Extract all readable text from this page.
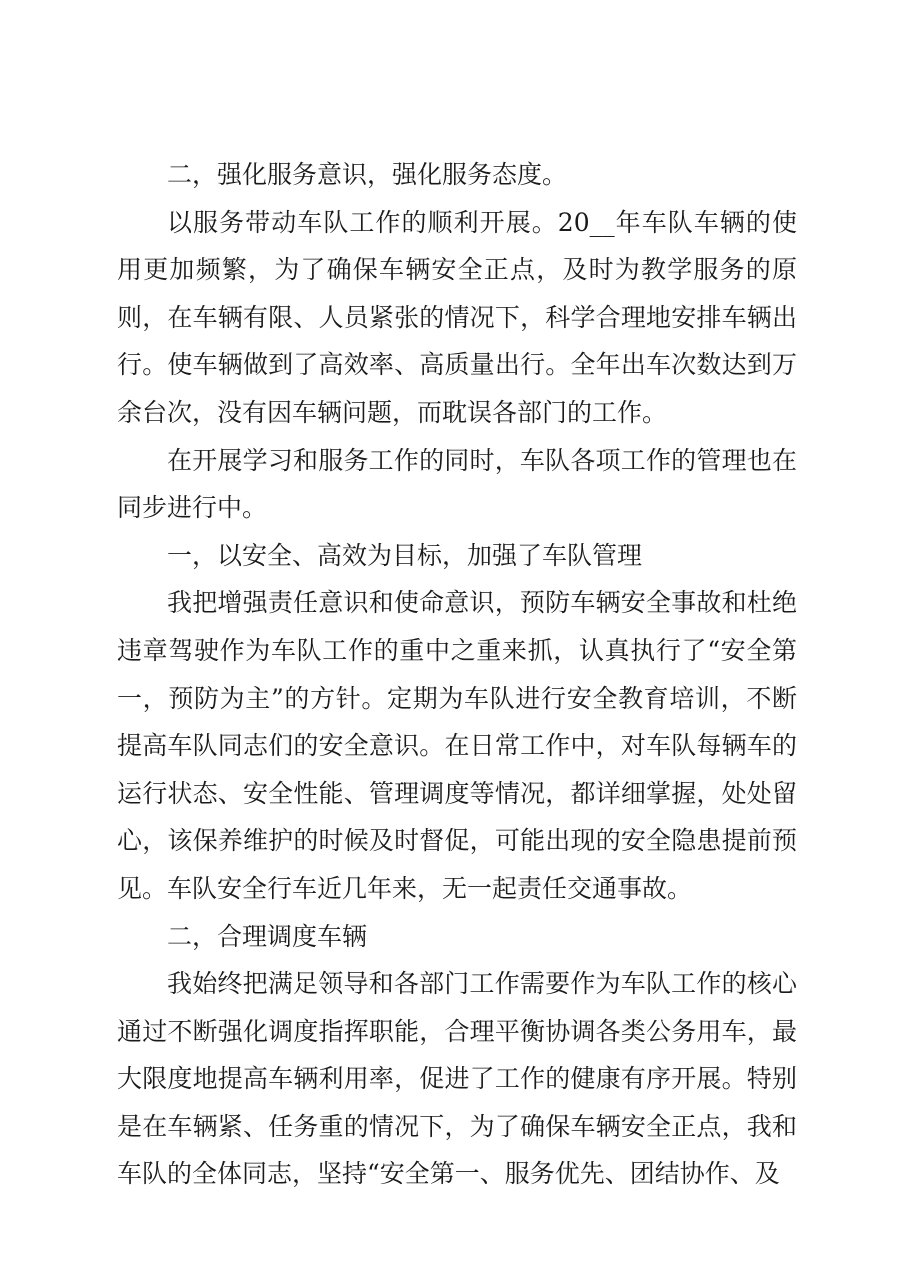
二，强化服务意识，强化服务态度。

以服务带动车队工作的顺利开展。20__年车队车辆的使用更加频繁，为了确保车辆安全正点，及时为教学服务的原则，在车辆有限、人员紧张的情况下，科学合理地安排车辆出行。使车辆做到了高效率、高质量出行。全年出车次数达到万余台次，没有因车辆问题，而耽误各部门的工作。

在开展学习和服务工作的同时，车队各项工作的管理也在同步进行中。

一，以安全、高效为目标，加强了车队管理

我把增强责任意识和使命意识，预防车辆安全事故和杜绝违章驾驶作为车队工作的重中之重来抓，认真执行了“安全第一，预防为主”的方针。定期为车队进行安全教育培训，不断提高车队同志们的安全意识。在日常工作中，对车队每辆车的运行状态、安全性能、管理调度等情况，都详细掌握，处处留心，该保养维护的时候及时督促，可能出现的安全隐患提前预见。车队安全行车近几年来，无一起责任交通事故。

二，合理调度车辆

我始终把满足领导和各部门工作需要作为车队工作的核心通过不断强化调度指挥职能，合理平衡协调各类公务用车，最大限度地提高车辆利用率，促进了工作的健康有序开展。特别是在车辆紧、任务重的情况下，为了确保车辆安全正点，我和车队的全体同志，坚持“安全第一、服务优先、团结协作、及
